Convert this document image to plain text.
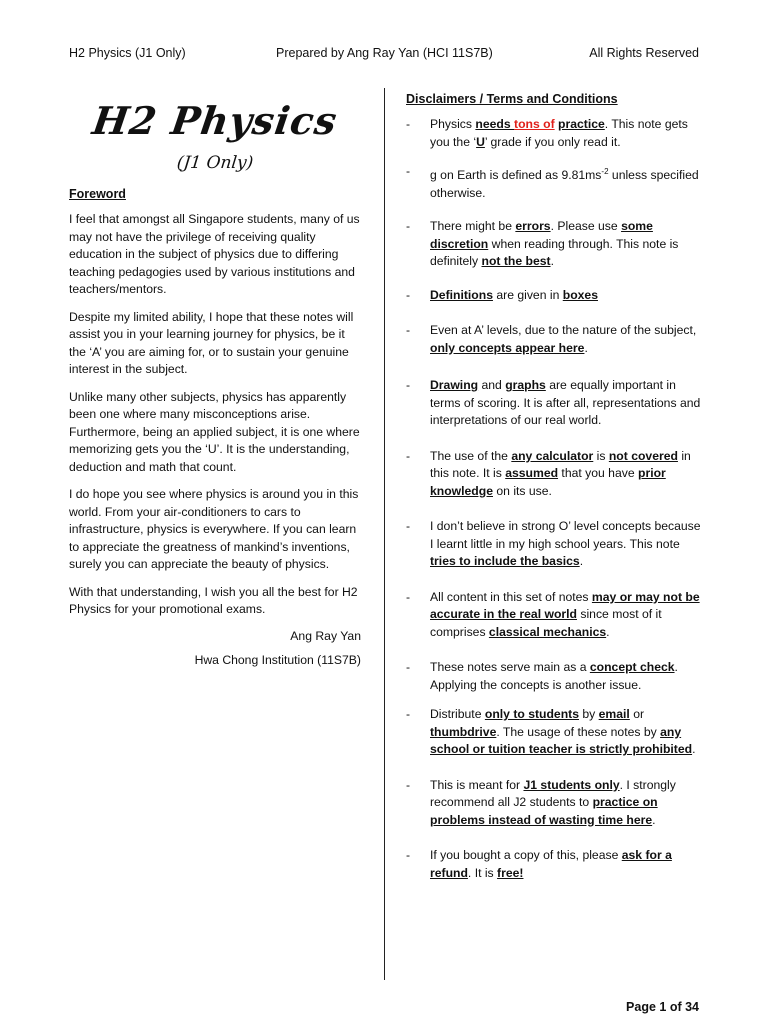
H2 Physics (J1 Only)	Prepared by Ang Ray Yan (HCI 11S7B)	All Rights Reserved
H2 Physics
(J1 Only)
Foreword

I feel that amongst all Singapore students, many of us may not have the privilege of receiving quality education in the subject of physics due to differing teaching pedagogies used by various institutions and teachers/mentors.

Despite my limited ability, I hope that these notes will assist you in your learning journey for physics, be it the ‘A’ you are aiming for, or to sustain your genuine interest in the subject.

Unlike many other subjects, physics has apparently been one where many misconceptions arise. Furthermore, being an applied subject, it is one where memorizing gets you the ‘U’. It is the understanding, deduction and math that count.

I do hope you see where physics is around you in this world. From your air-conditioners to cars to infrastructure, physics is everywhere. If you can learn to appreciate the greatness of mankind’s inventions, surely you can appreciate the beauty of physics.

With that understanding, I wish you all the best for H2 Physics for your promotional exams.

Ang Ray Yan
Hwa Chong Institution (11S7B)
Disclaimers / Terms and Conditions
- Physics needs tons of practice. This note gets you the ‘U’ grade if you only read it.
- g on Earth is defined as $9.81ms^{-2}$ unless specified otherwise.
- There might be errors. Please use some discretion when reading through. This note is definitely not the best.
- Definitions are given in boxes
- Even at A’ levels, due to the nature of the subject, only concepts appear here.
- Drawing and graphs are equally important in terms of scoring. It is after all, representations and interpretations of our real world.
- The use of the any calculator is not covered in this note. It is assumed that you have prior knowledge on its use.
- I don’t believe in strong O’ level concepts because I learnt little in my high school years. This note tries to include the basics.
- All content in this set of notes may or may not be accurate in the real world since most of it comprises classical mechanics.
- These notes serve main as a concept check. Applying the concepts is another issue.
- Distribute only to students by email or thumbdrive. The usage of these notes by any school or tuition teacher is strictly prohibited.
- This is meant for J1 students only. I strongly recommend all J2 students to practice on problems instead of wasting time here.
- If you bought a copy of this, please ask for a refund. It is free!
Page 1 of 34
